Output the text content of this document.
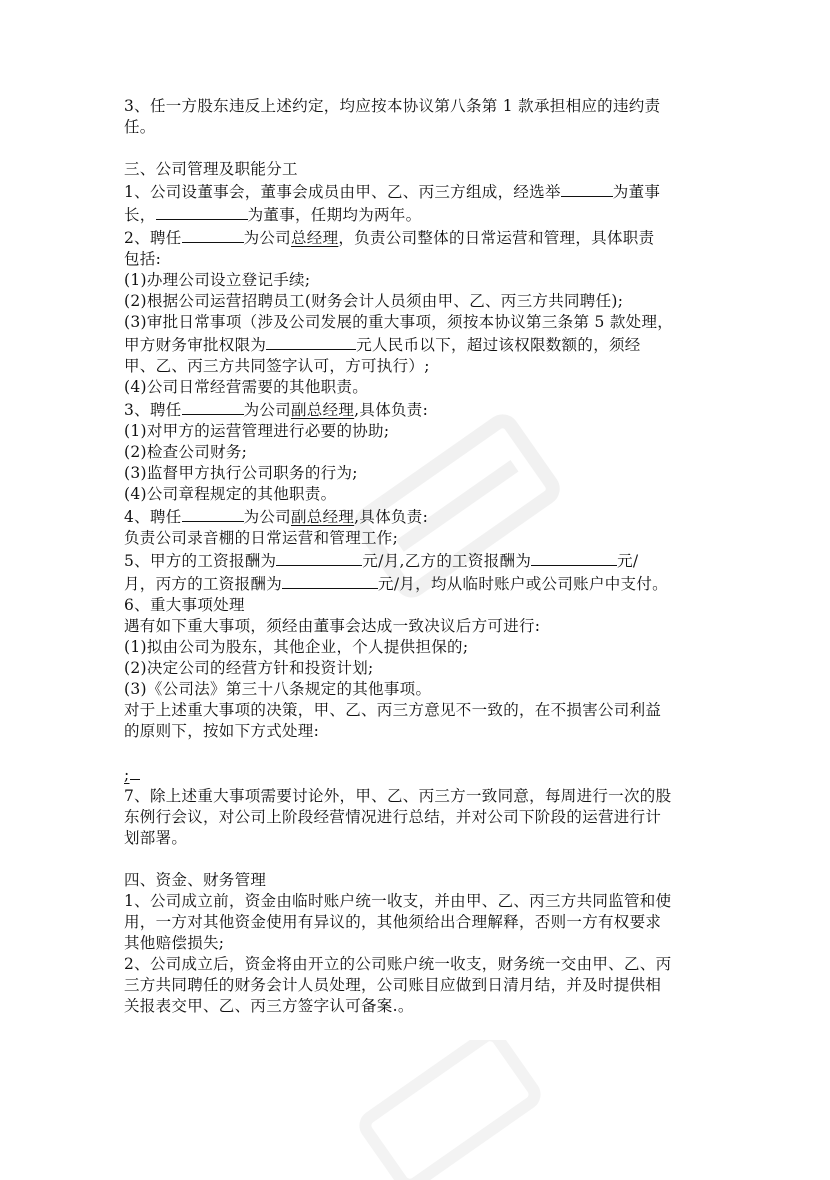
3、任一方股东违反上述约定，均应按本协议第八条第 1 款承担相应的违约责

任。

三、公司管理及职能分工

1、公司设董事会，董事会成员由甲、乙、丙三方组成，经选举	为董事

长，	为董事，任期均为两年。

2、聘任	为公司总经理，负责公司整体的日常运营和管理，具体职责

包括:

(1)办理公司设立登记手续;

(2)根据公司运营招聘员工(财务会计人员须由甲、乙、丙三方共同聘任);

(3)审批日常事项（涉及公司发展的重大事项，须按本协议第三条第 5 款处理，

甲方财务审批权限为	元人民币以下，超过该权限数额的，须经

甲、乙、丙三方共同签字认可，方可执行）;

(4)公司日常经营需要的其他职责。

3、聘任	为公司副总经理,具体负责:

(1)对甲方的运营管理进行必要的协助;

(2)检查公司财务;

(3)监督甲方执行公司职务的行为;

(4)公司章程规定的其他职责。

4、聘任	为公司副总经理,具体负责:

负责公司录音棚的日常运营和管理工作;

5、甲方的工资报酬为	元/月,乙方的工资报酬为	元/

月，丙方的工资报酬为	元/月，均从临时账户或公司账户中支付。

6、重大事项处理

遇有如下重大事项，须经由董事会达成一致决议后方可进行:

(1)拟由公司为股东，其他企业，个人提供担保的;

(2)决定公司的经营方针和投资计划;

(3)《公司法》第三十八条规定的其他事项。

对于上述重大事项的决策，甲、乙、丙三方意见不一致的，在不损害公司利益

的原则下，按如下方式处理:

;

7、除上述重大事项需要讨论外，甲、乙、丙三方一致同意，每周进行一次的股

东例行会议，对公司上阶段经营情况进行总结，并对公司下阶段的运营进行计

划部署。

四、资金、财务管理

1、公司成立前，资金由临时账户统一收支，并由甲、乙、丙三方共同监管和使

用，一方对其他资金使用有异议的，其他须给出合理解释，否则一方有权要求

其他赔偿损失;

2、公司成立后，资金将由开立的公司账户统一收支，财务统一交由甲、乙、丙

三方共同聘任的财务会计人员处理，公司账目应做到日清月结，并及时提供相

关报表交甲、乙、丙三方签字认可备案.。
